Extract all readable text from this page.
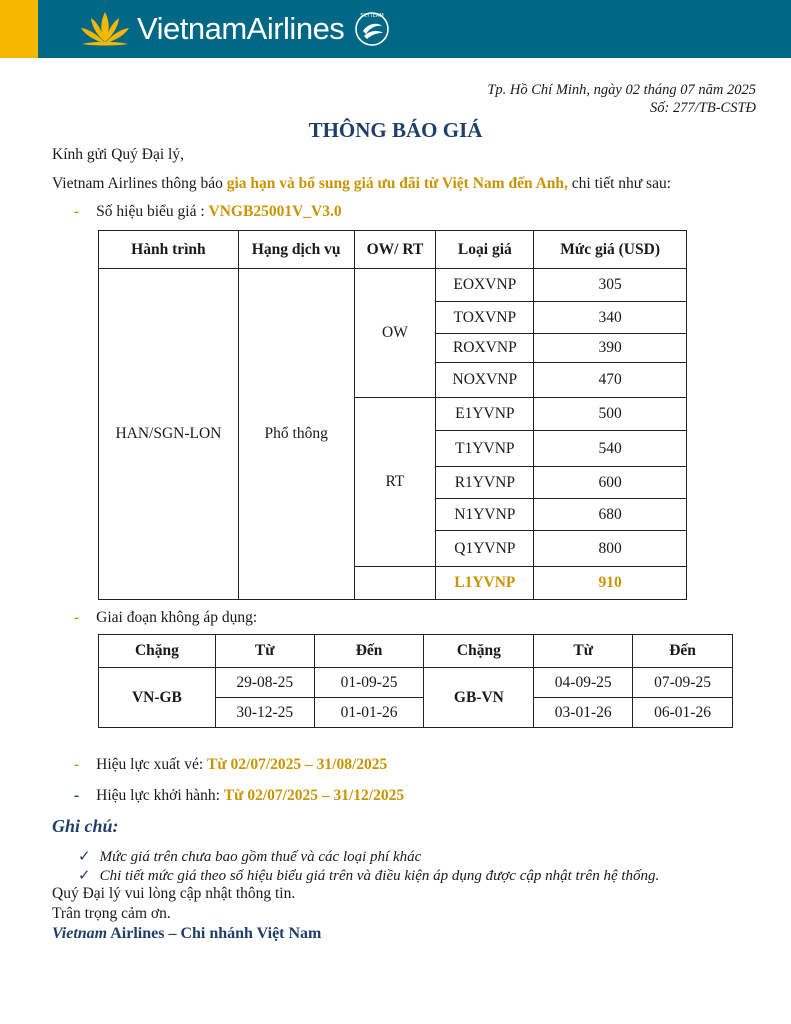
VietnamAirlines	SKYTEAM
Tp. Hồ Chí Minh, ngày 02 tháng 07 năm 2025
Số: 277/TB-CSTĐ
THÔNG BÁO GIÁ
Kính gửi Quý Đại lý,
Vietnam Airlines thông báo gia hạn và bổ sung giá ưu đãi từ Việt Nam đến Anh, chi tiết như sau:
- Số hiệu biểu giá : VNGB25001V_V3.0
Hành trình	Hạng dịch vụ	OW/ RT	Loại giá	Mức giá (USD)
HAN/SGN-LON	Phổ thông	OW	EOXVNP	305
			TOXVNP	340
			ROXVNP	390
			NOXVNP	470
		RT	E1YVNP	500
			T1YVNP	540
			R1YVNP	600
			N1YVNP	680
			Q1YVNP	800
			L1YVNP	910
- Giai đoạn không áp dụng:
Chặng	Từ	Đến	Chặng	Từ	Đến
VN-GB	29-08-25	01-09-25	GB-VN	04-09-25	07-09-25
	30-12-25	01-01-26		03-01-26	06-01-26
- Hiệu lực xuất vé: Từ 02/07/2025 – 31/08/2025
- Hiệu lực khởi hành: Từ 02/07/2025 – 31/12/2025
Ghi chú:
✓ Mức giá trên chưa bao gồm thuế và các loại phí khác
✓ Chi tiết mức giá theo số hiệu biểu giá trên và điều kiện áp dụng được cập nhật trên hệ thống.
Quý Đại lý vui lòng cập nhật thông tin.
Trân trọng cảm ơn.
Vietnam Airlines – Chi nhánh Việt Nam
